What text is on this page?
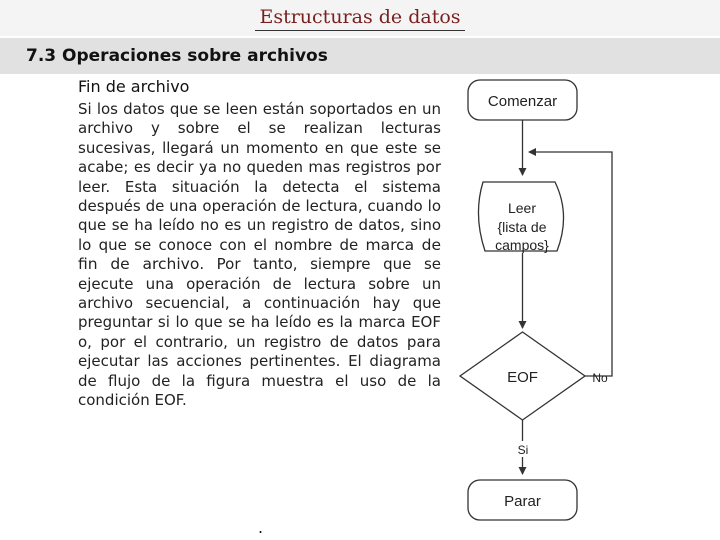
Estructuras de datos
7.3 Operaciones sobre archivos
Fin de archivo
Si los datos que se leen están soportados en un archivo y sobre el se realizan lecturas sucesivas, llegará un momento en que este se acabe; es decir ya no queden mas registros por leer. Esta situación la detecta el sistema después de una operación de lectura, cuando lo que se ha leído no es un registro de datos, sino lo que se conoce con el nombre de marca de fin de archivo. Por tanto, siempre que se ejecute una operación de lectura sobre un archivo secuencial, a continuación hay que preguntar si lo que se ha leído es la marca EOF o, por el contrario, un registro de datos para ejecutar las acciones pertinentes. El diagrama de flujo de la figura muestra el uso de la condición EOF.
.
Comenzar
Leer
{lista de
campos}
EOF	No
Si
Parar
